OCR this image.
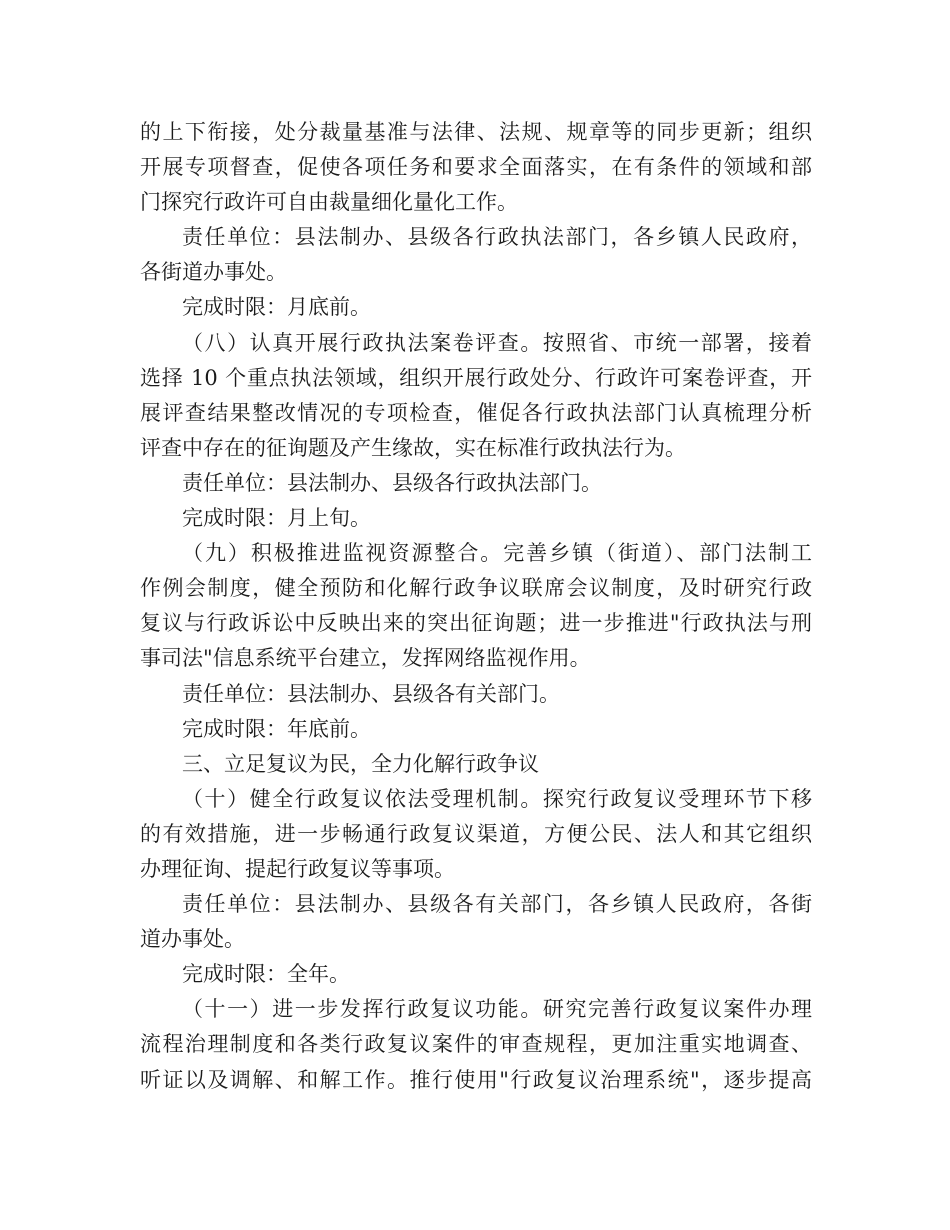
的上下衔接，处分裁量基准与法律、法规、规章等的同步更新；组织
开展专项督查，促使各项任务和要求全面落实，在有条件的领域和部
门探究行政许可自由裁量细化量化工作。
责任单位：县法制办、县级各行政执法部门，各乡镇人民政府，
各街道办事处。
完成时限：月底前。
（八）认真开展行政执法案卷评查。按照省、市统一部署，接着
选择 10 个重点执法领域，组织开展行政处分、行政许可案卷评查，开
展评查结果整改情况的专项检查，催促各行政执法部门认真梳理分析
评查中存在的征询题及产生缘故，实在标准行政执法行为。
责任单位：县法制办、县级各行政执法部门。
完成时限：月上旬。
（九）积极推进监视资源整合。完善乡镇（街道）、部门法制工
作例会制度，健全预防和化解行政争议联席会议制度，及时研究行政
复议与行政诉讼中反映出来的突出征询题；进一步推进"行政执法与刑
事司法"信息系统平台建立，发挥网络监视作用。
责任单位：县法制办、县级各有关部门。
完成时限：年底前。
三、立足复议为民，全力化解行政争议
（十）健全行政复议依法受理机制。探究行政复议受理环节下移
的有效措施，进一步畅通行政复议渠道，方便公民、法人和其它组织
办理征询、提起行政复议等事项。
责任单位：县法制办、县级各有关部门，各乡镇人民政府，各街
道办事处。
完成时限：全年。
（十一）进一步发挥行政复议功能。研究完善行政复议案件办理
流程治理制度和各类行政复议案件的审查规程，更加注重实地调查、
听证以及调解、和解工作。推行使用"行政复议治理系统"，逐步提高
